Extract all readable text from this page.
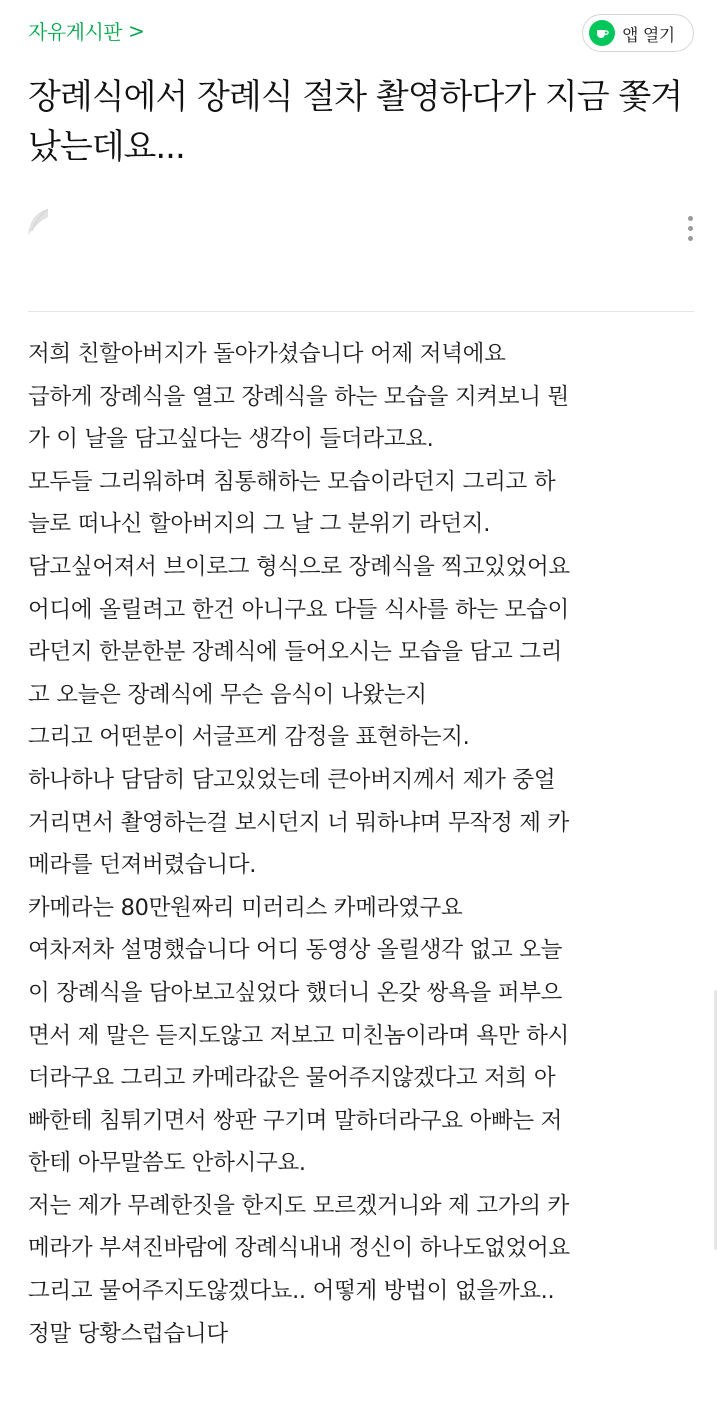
자유게시판 >	앱 열기
장례식에서 장례식 절차 촬영하다가 지금 쫓겨났는데요...
저희 친할아버지가 돌아가셨습니다 어제 저녁에요
급하게 장례식을 열고 장례식을 하는 모습을 지켜보니 뭔
가 이 날을 담고싶다는 생각이 들더라고요.
모두들 그리워하며 침통해하는 모습이라던지 그리고 하
늘로 떠나신 할아버지의 그 날 그 분위기 라던지.
담고싶어져서 브이로그 형식으로 장례식을 찍고있었어요
어디에 올릴려고 한건 아니구요 다들 식사를 하는 모습이
라던지 한분한분 장례식에 들어오시는 모습을 담고 그리
고 오늘은 장례식에 무슨 음식이 나왔는지
그리고 어떤분이 서글프게 감정을 표현하는지.
하나하나 담담히 담고있었는데 큰아버지께서 제가 중얼
거리면서 촬영하는걸 보시던지 너 뭐하냐며 무작정 제 카
메라를 던져버렸습니다.
카메라는 80만원짜리 미러리스 카메라였구요
여차저차 설명했습니다 어디 동영상 올릴생각 없고 오늘
이 장례식을 담아보고싶었다 했더니 온갖 쌍욕을 퍼부으
면서 제 말은 듣지도않고 저보고 미친놈이라며 욕만 하시
더라구요 그리고 카메라값은 물어주지않겠다고 저희 아
빠한테 침튀기면서 쌍판 구기며 말하더라구요 아빠는 저
한테 아무말씀도 안하시구요.
저는 제가 무례한짓을 한지도 모르겠거니와 제 고가의 카
메라가 부셔진바람에 장례식내내 정신이 하나도없었어요
그리고 물어주지도않겠다뇨.. 어떻게 방법이 없을까요..
정말 당황스럽습니다
